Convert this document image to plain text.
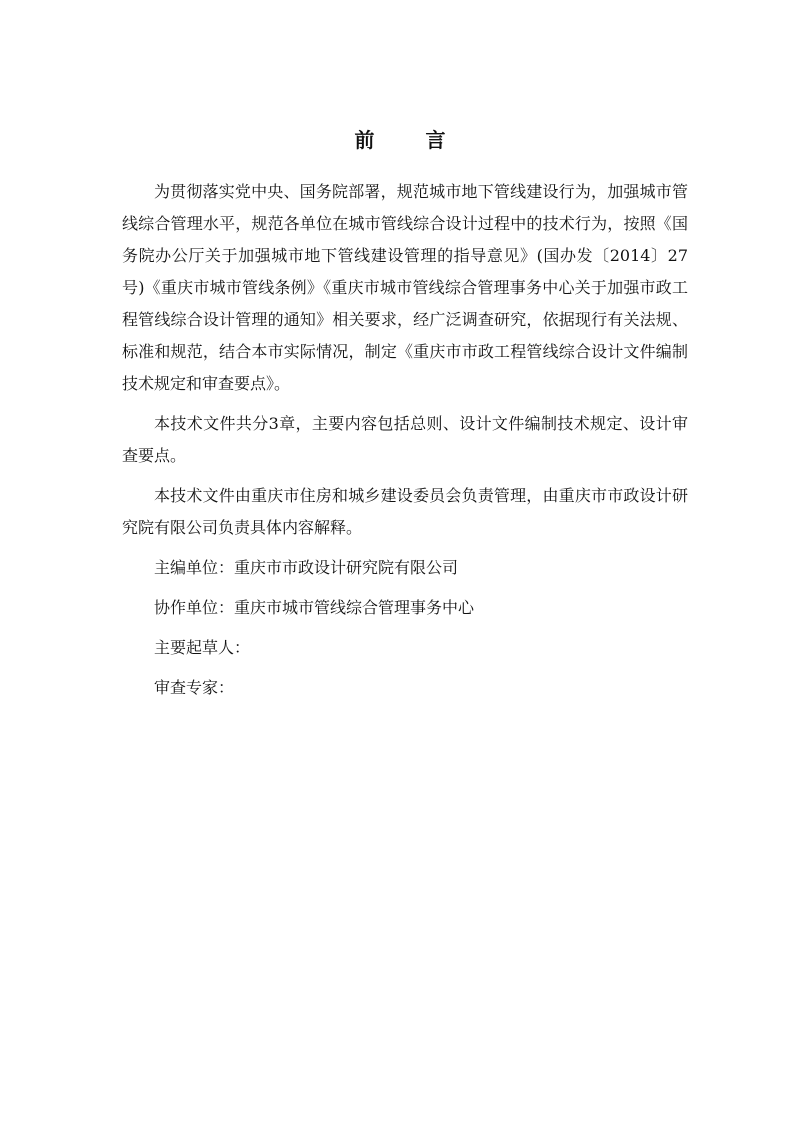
前 言

为贯彻落实党中央、国务院部署，规范城市地下管线建设行为，加强城市管线综合管理水平，规范各单位在城市管线综合设计过程中的技术行为，按照《国务院办公厅关于加强城市地下管线建设管理的指导意见》(国办发〔2014〕27号)《重庆市城市管线条例》《重庆市城市管线综合管理事务中心关于加强市政工程管线综合设计管理的通知》相关要求，经广泛调查研究，依据现行有关法规、标准和规范，结合本市实际情况，制定《重庆市市政工程管线综合设计文件编制技术规定和审查要点》。

本技术文件共分3章，主要内容包括总则、设计文件编制技术规定、设计审查要点。

本技术文件由重庆市住房和城乡建设委员会负责管理，由重庆市市政设计研究院有限公司负责具体内容解释。

主编单位：重庆市市政设计研究院有限公司
协作单位：重庆市城市管线综合管理事务中心
主要起草人：
审查专家：
